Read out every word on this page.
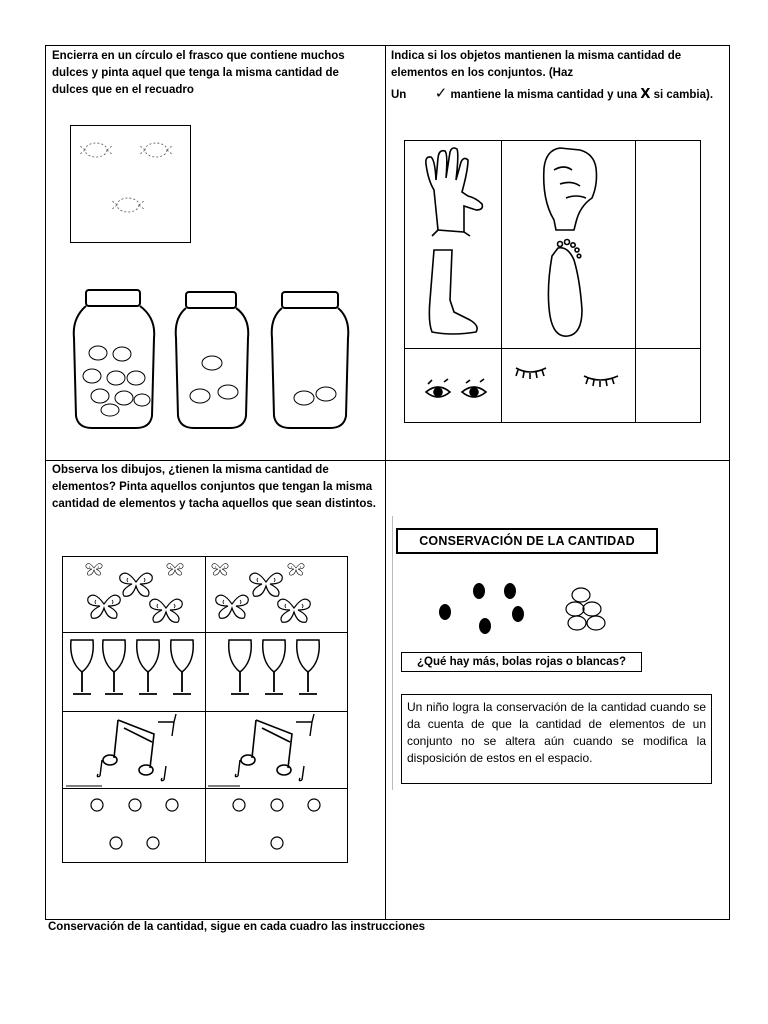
Encierra en un círculo el frasco que contiene muchos dulces y pinta aquel que tenga la misma cantidad de dulces que en el recuadro
Indica si los objetos mantienen la misma cantidad de elementos en los conjuntos. (Haz
Un ✓ mantiene la misma cantidad y una X si cambia).
Observa los dibujos, ¿tienen la misma cantidad de elementos? Pinta aquellos conjuntos que tengan la misma cantidad de elementos y tacha aquellos que sean distintos.
CONSERVACIÓN DE LA CANTIDAD
¿Qué hay más, bolas rojas o blancas?
Un niño logra la conservación de la cantidad cuando se da cuenta de que la cantidad de elementos de un conjunto no se altera aún cuando se modifica la disposición de estos en el espacio.
Conservación de la cantidad, sigue en cada cuadro las instrucciones
